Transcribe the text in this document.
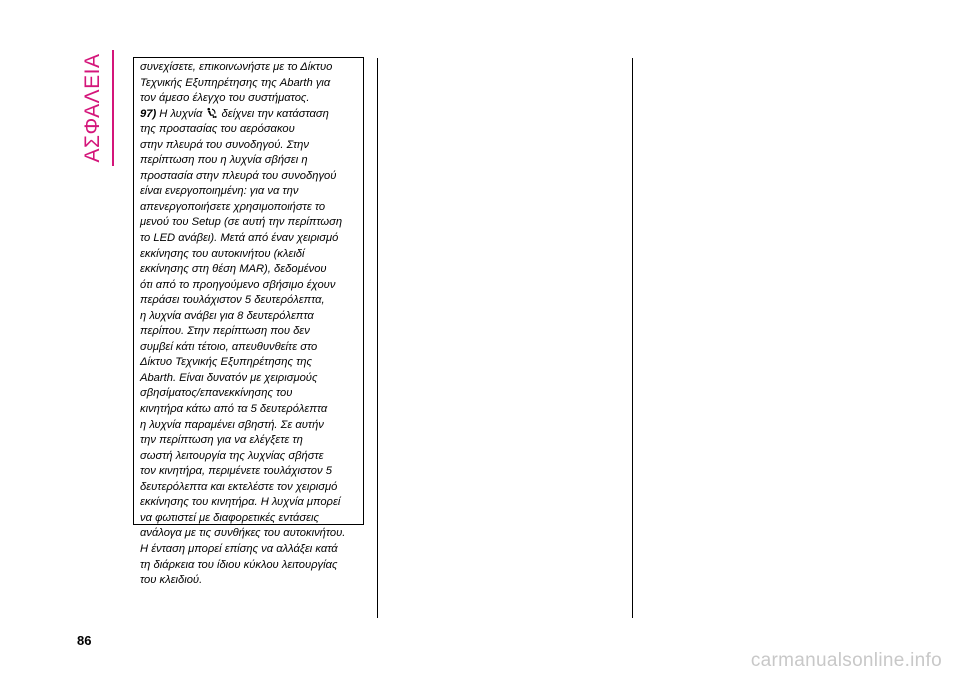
ΑΣΦΑΛΕΙΑ	συνεχίσετε, επικοινωνήστε με το Δίκτυο
Τεχνικής Εξυπηρέτησης της Abarth για
τον άμεσο έλεγχο του συστήματος.
97) Η λυχνία  δείχνει την κατάσταση
της προστασίας του αερόσακου
στην πλευρά του συνοδηγού. Στην
περίπτωση που η λυχνία σβήσει η
προστασία στην πλευρά του συνοδηγού
είναι ενεργοποιημένη: για να την
απενεργοποιήσετε χρησιμοποιήστε το
μενού του Setup (σε αυτή την περίπτωση
το LED ανάβει). Μετά από έναν χειρισμό
εκκίνησης του αυτοκινήτου (κλειδί
εκκίνησης στη θέση MAR), δεδομένου
ότι από το προηγούμενο σβήσιμο έχουν
περάσει τουλάχιστον 5 δευτερόλεπτα,
η λυχνία ανάβει για 8 δευτερόλεπτα
περίπου. Στην περίπτωση που δεν
συμβεί κάτι τέτοιο, απευθυνθείτε στο
Δίκτυο Τεχνικής Εξυπηρέτησης της
Abarth. Είναι δυνατόν με χειρισμούς
σβησίματος/επανεκκίνησης του
κινητήρα κάτω από τα 5 δευτερόλεπτα
η λυχνία παραμένει σβηστή. Σε αυτήν
την περίπτωση για να ελέγξετε τη
σωστή λειτουργία της λυχνίας σβήστε
τον κινητήρα, περιμένετε τουλάχιστον 5
δευτερόλεπτα και εκτελέστε τον χειρισμό
εκκίνησης του κινητήρα. Η λυχνία μπορεί
να φωτιστεί με διαφορετικές εντάσεις
ανάλογα με τις συνθήκες του αυτοκινήτου.
Η ένταση μπορεί επίσης να αλλάξει κατά
τη διάρκεια του ίδιου κύκλου λειτουργίας
του κλειδιού.

86
carmanualsonline.info
